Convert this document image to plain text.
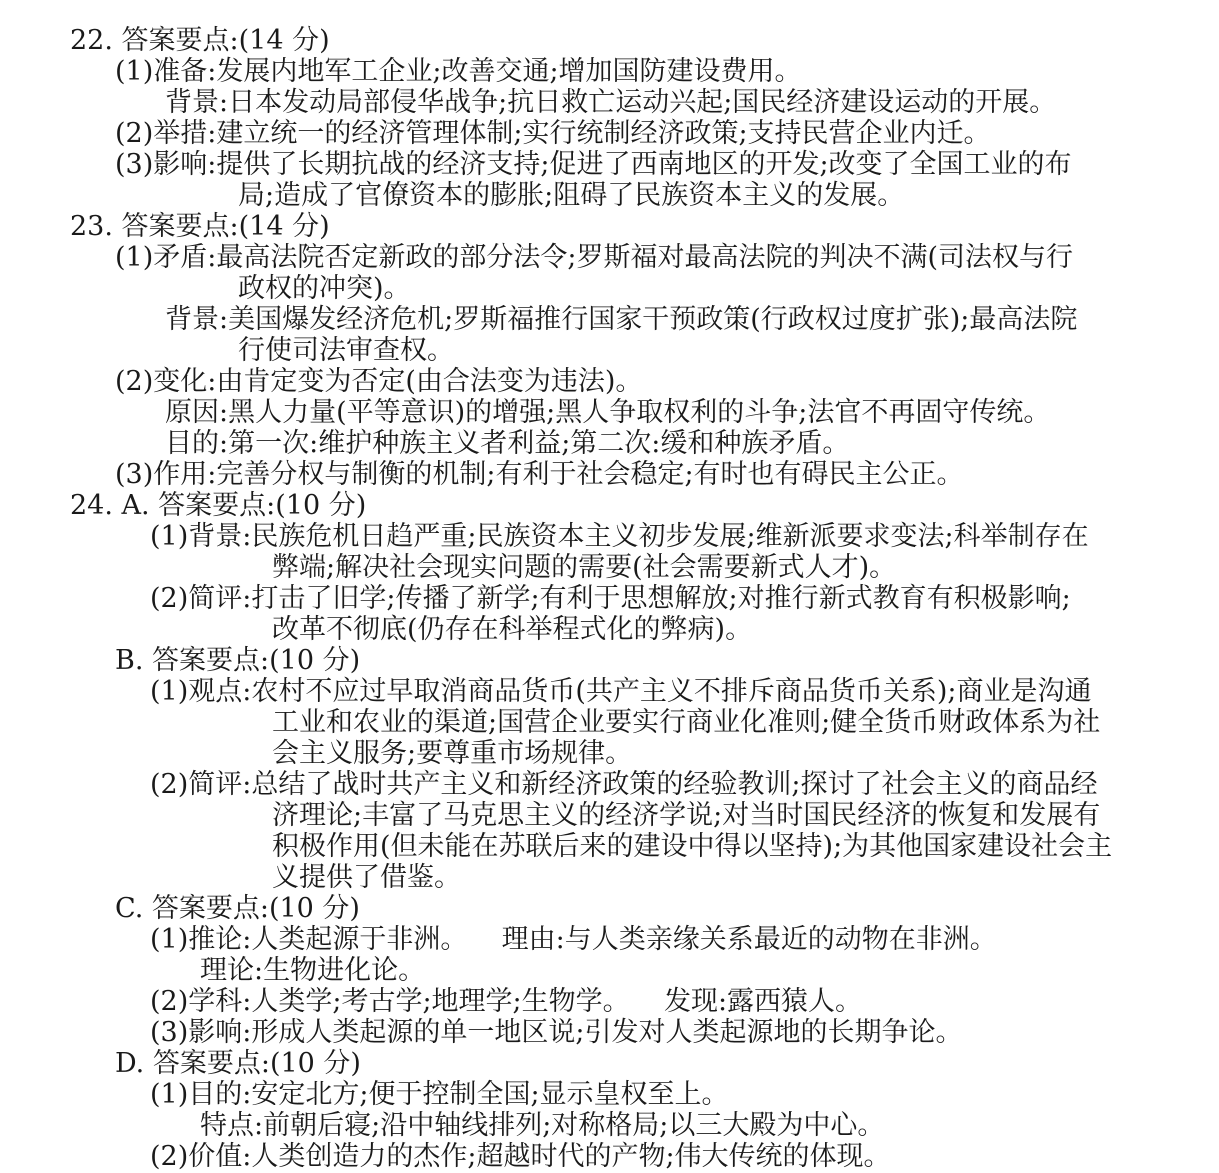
22. 答案要点:(14 分)
(1)准备:发展内地军工企业;改善交通;增加国防建设费用。
背景:日本发动局部侵华战争;抗日救亡运动兴起;国民经济建设运动的开展。
(2)举措:建立统一的经济管理体制;实行统制经济政策;支持民营企业内迁。
(3)影响:提供了长期抗战的经济支持;促进了西南地区的开发;改变了全国工业的布
局;造成了官僚资本的膨胀;阻碍了民族资本主义的发展。
23. 答案要点:(14 分)
(1)矛盾:最高法院否定新政的部分法令;罗斯福对最高法院的判决不满(司法权与行
政权的冲突)。
背景:美国爆发经济危机;罗斯福推行国家干预政策(行政权过度扩张);最高法院
行使司法审查权。
(2)变化:由肯定变为否定(由合法变为违法)。
原因:黑人力量(平等意识)的增强;黑人争取权利的斗争;法官不再固守传统。
目的:第一次:维护种族主义者利益;第二次:缓和种族矛盾。
(3)作用:完善分权与制衡的机制;有利于社会稳定;有时也有碍民主公正。
24. A. 答案要点:(10 分)
(1)背景:民族危机日趋严重;民族资本主义初步发展;维新派要求变法;科举制存在
弊端;解决社会现实问题的需要(社会需要新式人才)。
(2)简评:打击了旧学;传播了新学;有利于思想解放;对推行新式教育有积极影响;
改革不彻底(仍存在科举程式化的弊病)。
B. 答案要点:(10 分)
(1)观点:农村不应过早取消商品货币(共产主义不排斥商品货币关系);商业是沟通
工业和农业的渠道;国营企业要实行商业化准则;健全货币财政体系为社
会主义服务;要尊重市场规律。
(2)简评:总结了战时共产主义和新经济政策的经验教训;探讨了社会主义的商品经
济理论;丰富了马克思主义的经济学说;对当时国民经济的恢复和发展有
积极作用(但未能在苏联后来的建设中得以坚持);为其他国家建设社会主
义提供了借鉴。
C. 答案要点:(10 分)
(1)推论:人类起源于非洲。    理由:与人类亲缘关系最近的动物在非洲。
理论:生物进化论。
(2)学科:人类学;考古学;地理学;生物学。    发现:露西猿人。
(3)影响:形成人类起源的单一地区说;引发对人类起源地的长期争论。
D. 答案要点:(10 分)
(1)目的:安定北方;便于控制全国;显示皇权至上。
特点:前朝后寝;沿中轴线排列;对称格局;以三大殿为中心。
(2)价值:人类创造力的杰作;超越时代的产物;伟大传统的体现。
